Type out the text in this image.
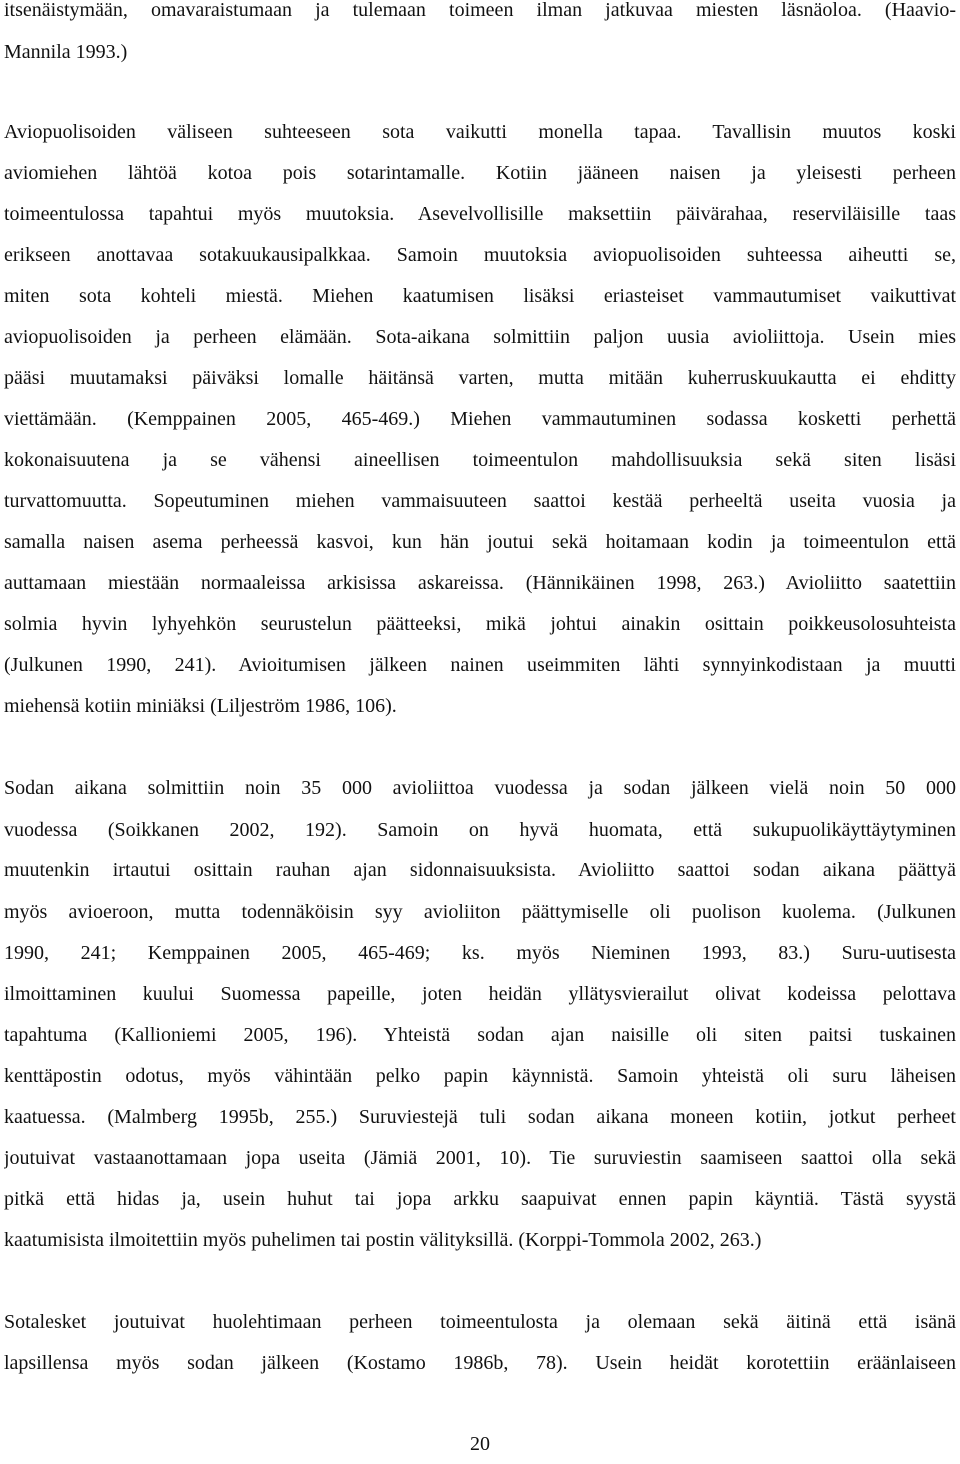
itsenäistymään, omavaraistumaan ja tulemaan toimeen ilman jatkuvaa miesten läsnäoloa. (Haavio-
Mannila 1993.)
Aviopuolisoiden väliseen suhteeseen sota vaikutti monella tapaa. Tavallisin muutos koski
aviomiehen lähtöä kotoa pois sotarintamalle. Kotiin jääneen naisen ja yleisesti perheen
toimeentulossa tapahtui myös muutoksia. Asevelvollisille maksettiin päivärahaa, reserviläisille taas
erikseen anottavaa sotakuukausipalkkaa. Samoin muutoksia aviopuolisoiden suhteessa aiheutti se,
miten sota kohteli miestä. Miehen kaatumisen lisäksi eriasteiset vammautumiset vaikuttivat
aviopuolisoiden ja perheen elämään. Sota-aikana solmittiin paljon uusia avioliittoja. Usein mies
pääsi muutamaksi päiväksi lomalle häitänsä varten, mutta mitään kuherruskuukautta ei ehditty
viettämään. (Kemppainen 2005, 465-469.) Miehen vammautuminen sodassa kosketti perhettä
kokonaisuutena ja se vähensi aineellisen toimeentulon mahdollisuuksia sekä siten lisäsi
turvattomuutta. Sopeutuminen miehen vammaisuuteen saattoi kestää perheeltä useita vuosia ja
samalla naisen asema perheessä kasvoi, kun hän joutui sekä hoitamaan kodin ja toimeentulon että
auttamaan miestään normaaleissa arkisissa askareissa. (Hännikäinen 1998, 263.) Avioliitto saatettiin
solmia hyvin lyhyehkön seurustelun päätteeksi, mikä johtui ainakin osittain poikkeusolosuhteista
(Julkunen 1990, 241). Avioitumisen jälkeen nainen useimmiten lähti synnyinkodistaan ja muutti
miehensä kotiin miniäksi (Liljeström 1986, 106).
Sodan aikana solmittiin noin 35 000 avioliittoa vuodessa ja sodan jälkeen vielä noin 50 000
vuodessa (Soikkanen 2002, 192). Samoin on hyvä huomata, että sukupuolikäyttäytyminen
muutenkin irtautui osittain rauhan ajan sidonnaisuuksista. Avioliitto saattoi sodan aikana päättyä
myös avioeroon, mutta todennäköisin syy avioliiton päättymiselle oli puolison kuolema. (Julkunen
1990, 241; Kemppainen 2005, 465-469; ks. myös Nieminen 1993, 83.) Suru-uutisesta
ilmoittaminen kuului Suomessa papeille, joten heidän yllätysvierailut olivat kodeissa pelottava
tapahtuma (Kallioniemi 2005, 196). Yhteistä sodan ajan naisille oli siten paitsi tuskainen
kenttäpostin odotus, myös vähintään pelko papin käynnistä. Samoin yhteistä oli suru läheisen
kaatuessa. (Malmberg 1995b, 255.) Suruviestejä tuli sodan aikana moneen kotiin, jotkut perheet
joutuivat vastaanottamaan jopa useita (Jämiä 2001, 10). Tie suruviestin saamiseen saattoi olla sekä
pitkä että hidas ja, usein huhut tai jopa arkku saapuivat ennen papin käyntiä. Tästä syystä
kaatumisista ilmoitettiin myös puhelimen tai postin välityksillä. (Korppi-Tommola 2002, 263.)
Sotalesket joutuivat huolehtimaan perheen toimeentulosta ja olemaan sekä äitinä että isänä
lapsillensa myös sodan jälkeen (Kostamo 1986b, 78). Usein heidät korotettiin eräänlaiseen
20
